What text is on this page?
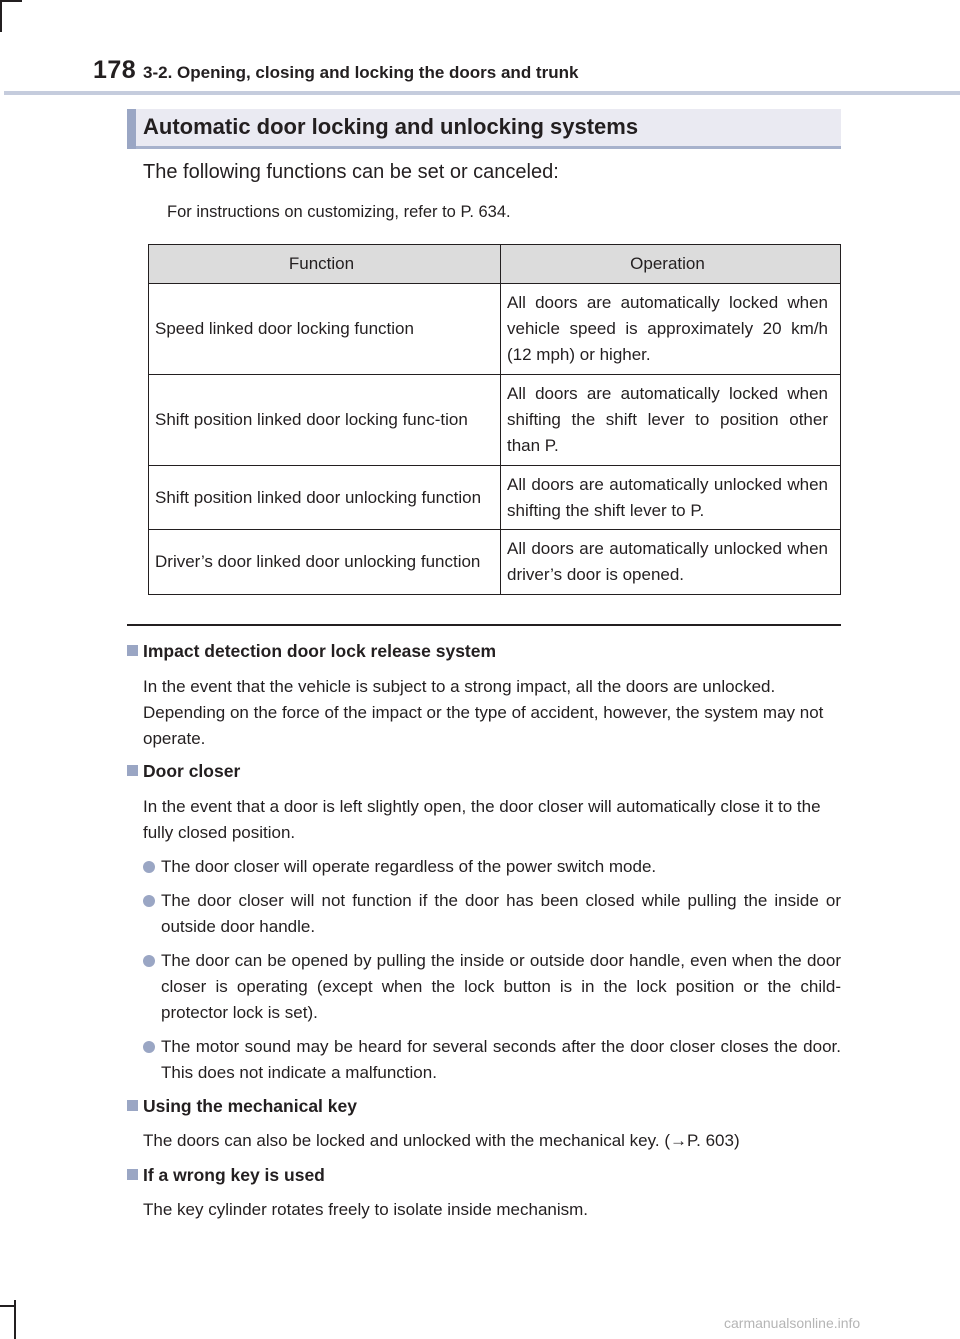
178 3-2. Opening, closing and locking the doors and trunk
Automatic door locking and unlocking systems
The following functions can be set or canceled:
For instructions on customizing, refer to P. 634.
Function	Operation
Speed linked door locking function	All doors are automatically locked when vehicle speed is approximately 20 km/h (12 mph) or higher.
Shift position linked door locking func-tion	All doors are automatically locked when shifting the shift lever to position other than P.
Shift position linked door unlocking function	All doors are automatically unlocked when shifting the shift lever to P.
Driver’s door linked door unlocking function	All doors are automatically unlocked when driver’s door is opened.
Impact detection door lock release system
In the event that the vehicle is subject to a strong impact, all the doors are unlocked. Depending on the force of the impact or the type of accident, however, the system may not operate.
Door closer
In the event that a door is left slightly open, the door closer will automatically close it to the fully closed position.
The door closer will operate regardless of the power switch mode.
The door closer will not function if the door has been closed while pulling the inside or outside door handle.
The door can be opened by pulling the inside or outside door handle, even when the door closer is operating (except when the lock button is in the lock position or the child-protector lock is set).
The motor sound may be heard for several seconds after the door closer closes the door. This does not indicate a malfunction.
Using the mechanical key
The doors can also be locked and unlocked with the mechanical key. (→P. 603)
If a wrong key is used
The key cylinder rotates freely to isolate inside mechanism.
carmanualsonline.info
